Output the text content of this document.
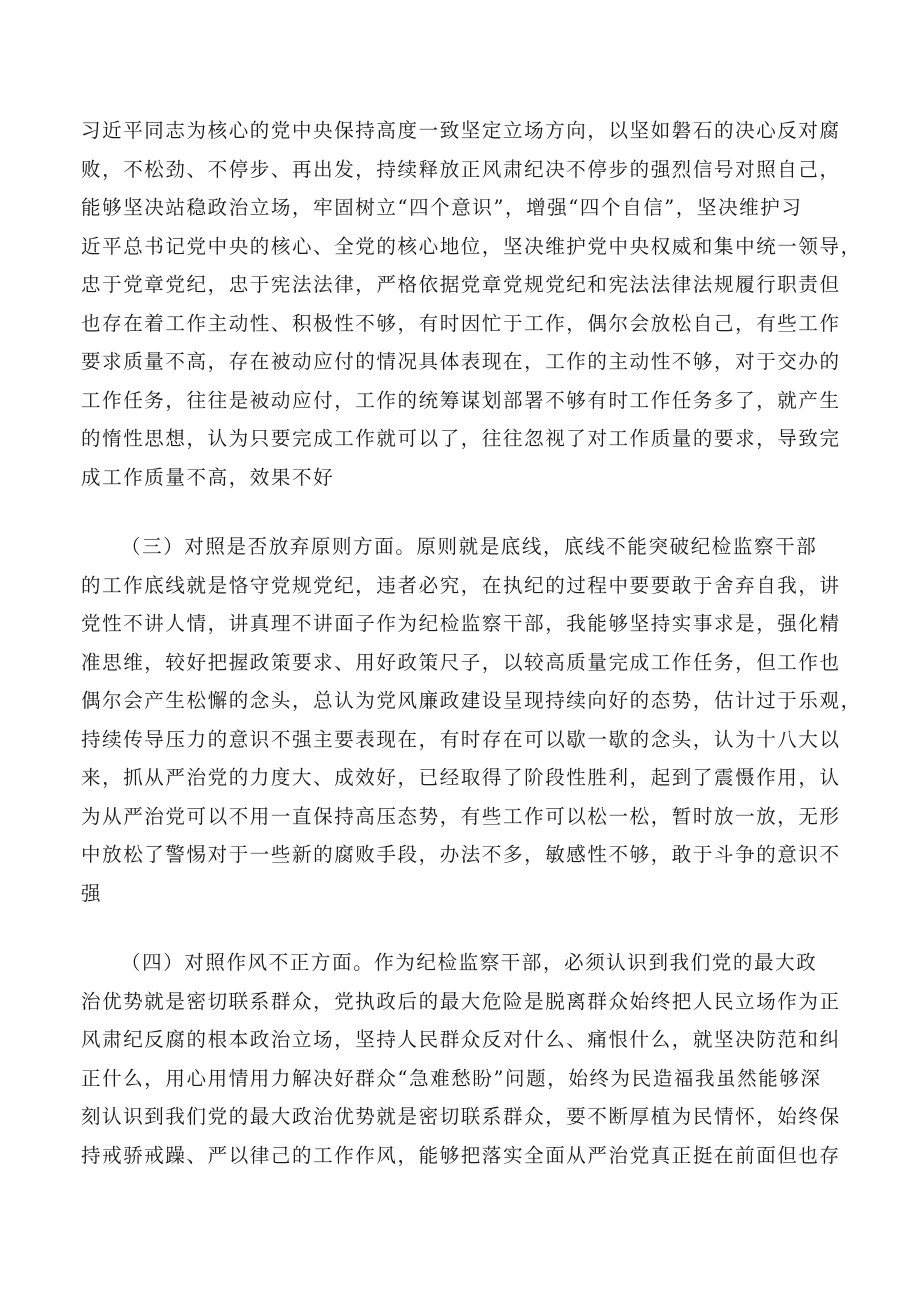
习近平同志为核心的党中央保持高度一致坚定立场方向，以坚如磐石的决心反对腐
败，不松劲、不停步、再出发，持续释放正风肃纪决不停步的强烈信号对照自己，
能够坚决站稳政治立场，牢固树立“四个意识”，增强“四个自信”，坚决维护习
近平总书记党中央的核心、全党的核心地位，坚决维护党中央权威和集中统一领导，
忠于党章党纪，忠于宪法法律，严格依据党章党规党纪和宪法法律法规履行职责但
也存在着工作主动性、积极性不够，有时因忙于工作，偶尔会放松自己，有些工作
要求质量不高，存在被动应付的情况具体表现在，工作的主动性不够，对于交办的
工作任务，往往是被动应付，工作的统筹谋划部署不够有时工作任务多了，就产生
的惰性思想，认为只要完成工作就可以了，往往忽视了对工作质量的要求，导致完
成工作质量不高，效果不好
（三）对照是否放弃原则方面。原则就是底线，底线不能突破纪检监察干部
的工作底线就是恪守党规党纪，违者必究，在执纪的过程中要要敢于舍弃自我，讲
党性不讲人情，讲真理不讲面子作为纪检监察干部，我能够坚持实事求是，强化精
准思维，较好把握政策要求、用好政策尺子，以较高质量完成工作任务，但工作也
偶尔会产生松懈的念头，总认为党风廉政建设呈现持续向好的态势，估计过于乐观，
持续传导压力的意识不强主要表现在，有时存在可以歇一歇的念头，认为十八大以
来，抓从严治党的力度大、成效好，已经取得了阶段性胜利，起到了震慑作用，认
为从严治党可以不用一直保持高压态势，有些工作可以松一松，暂时放一放，无形
中放松了警惕对于一些新的腐败手段，办法不多，敏感性不够，敢于斗争的意识不
强
（四）对照作风不正方面。作为纪检监察干部，必须认识到我们党的最大政
治优势就是密切联系群众，党执政后的最大危险是脱离群众始终把人民立场作为正
风肃纪反腐的根本政治立场，坚持人民群众反对什么、痛恨什么，就坚决防范和纠
正什么，用心用情用力解决好群众“急难愁盼”问题，始终为民造福我虽然能够深
刻认识到我们党的最大政治优势就是密切联系群众，要不断厚植为民情怀，始终保
持戒骄戒躁、严以律己的工作作风，能够把落实全面从严治党真正挺在前面但也存
